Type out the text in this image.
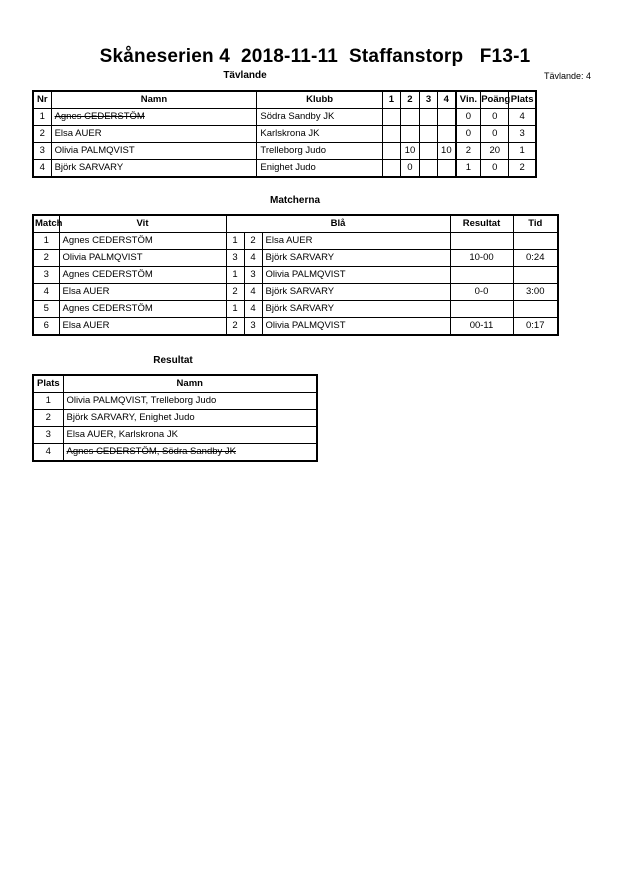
Skåneserien 4  2018-11-11  Staffanstorp   F13-1
Tävlande	Tävlande: 4
Nr	Namn	Klubb	1	2	3	4	Vin.	Poäng	Plats
1	Agnes CEDERSTÖM	Södra Sandby JK					0	0	4
2	Elsa AUER	Karlskrona JK					0	0	3
3	Olivia PALMQVIST	Trelleborg Judo		10		10	2	20	1
4	Björk SARVARY	Enighet Judo		0			1	0	2
Matcherna
Match	Vit	Blå			Resultat	Tid
1	Agnes CEDERSTÖM	1	2	Elsa AUER		
2	Olivia PALMQVIST	3	4	Björk SARVARY	10-00	0:24
3	Agnes CEDERSTÖM	1	3	Olivia PALMQVIST		
4	Elsa AUER	2	4	Björk SARVARY	0-0	3:00
5	Agnes CEDERSTÖM	1	4	Björk SARVARY		
6	Elsa AUER	2	3	Olivia PALMQVIST	00-11	0:17
Resultat
Plats	Namn
1	Olivia PALMQVIST, Trelleborg Judo
2	Björk SARVARY, Enighet Judo
3	Elsa AUER, Karlskrona JK
4	Agnes CEDERSTÖM, Södra Sandby JK
